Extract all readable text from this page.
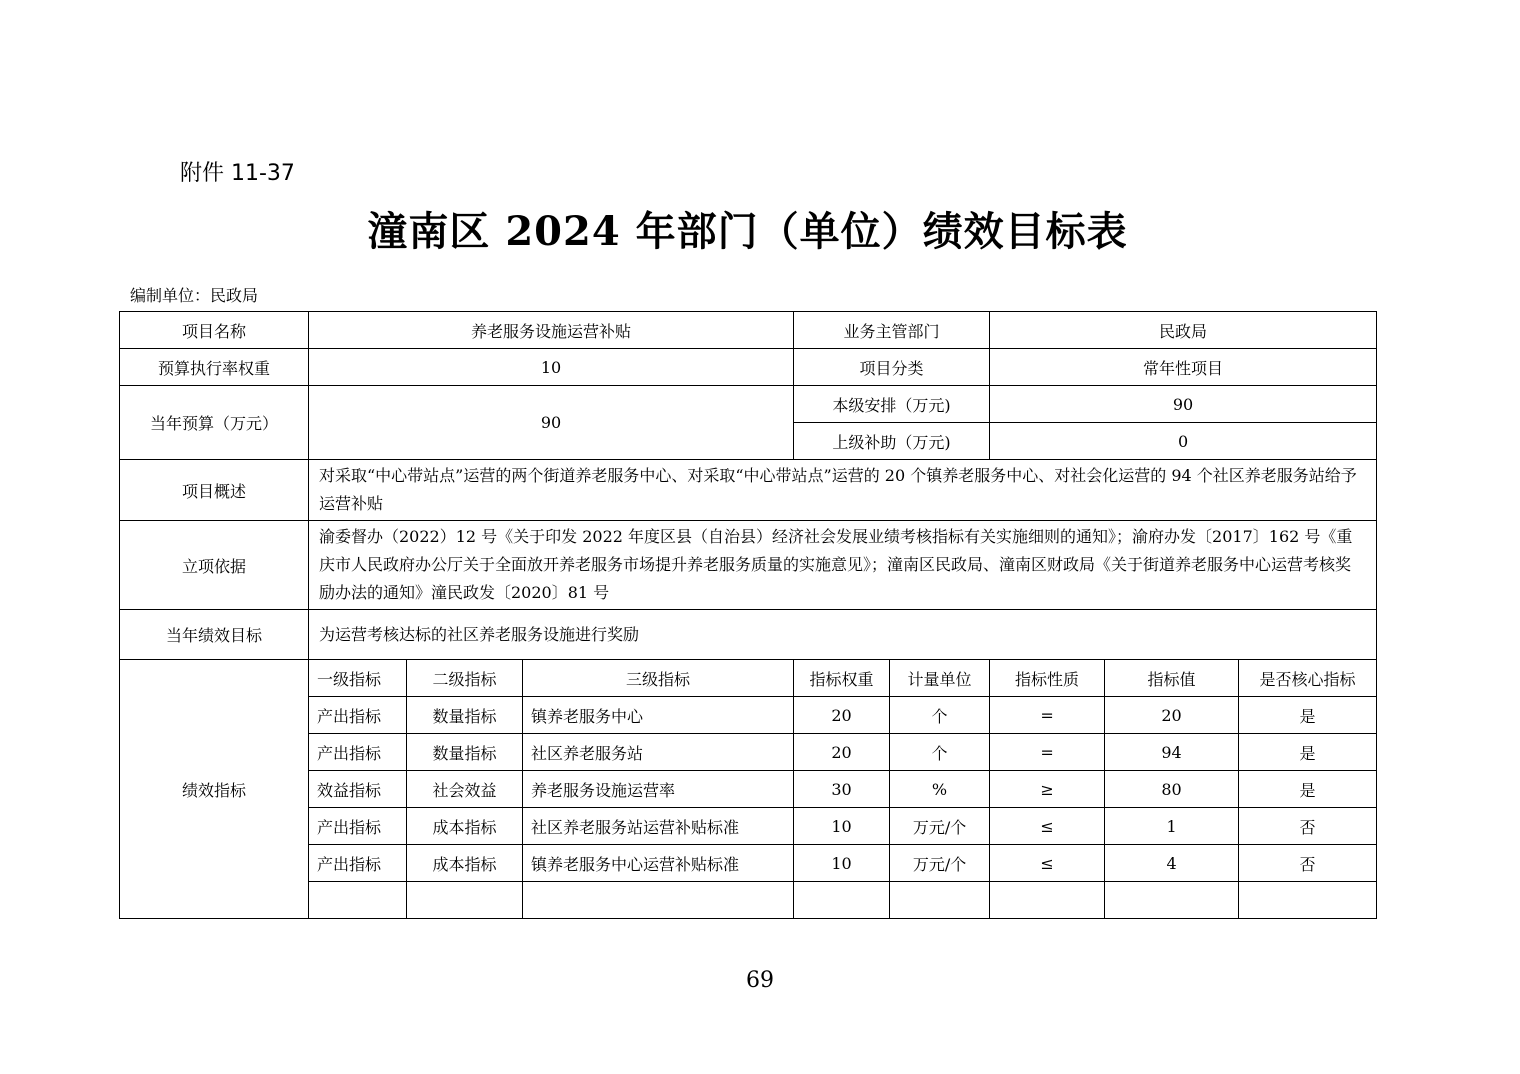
附件 11-37
潼南区 2024 年部门（单位）绩效目标表
编制单位：民政局
项目名称	养老服务设施运营补贴			业务主管部门		民政局		
预算执行率权重	10			项目分类		常年性项目		
当年预算（万元）	90			本级安排（万元)		90		
				上级补助（万元)		0		
项目概述	对采取“中心带站点”运营的两个街道养老服务中心、对采取“中心带站点”运营的 20 个镇养老服务中心、对社会化运营的 94 个社区养老服务站给予运营补贴							
立项依据	渝委督办（2022）12 号《关于印发 2022 年度区县（自治县）经济社会发展业绩考核指标有关实施细则的通知》；渝府办发〔2017〕162 号《重庆市人民政府办公厅关于全面放开养老服务市场提升养老服务质量的实施意见》；潼南区民政局、潼南区财政局《关于街道养老服务中心运营考核奖励办法的通知》潼民政发〔2020〕81 号							
当年绩效目标	为运营考核达标的社区养老服务设施进行奖励							
绩效指标	一级指标	二级指标	三级指标	指标权重	计量单位	指标性质	指标值	是否核心指标
	产出指标	数量指标	镇养老服务中心	20	个	=	20	是
	产出指标	数量指标	社区养老服务站	20	个	=	94	是
	效益指标	社会效益	养老服务设施运营率	30	%	≥	80	是
	产出指标	成本指标	社区养老服务站运营补贴标准	10	万元/个	≤	1	否
	产出指标	成本指标	镇养老服务中心运营补贴标准	10	万元/个	≤	4	否

69
